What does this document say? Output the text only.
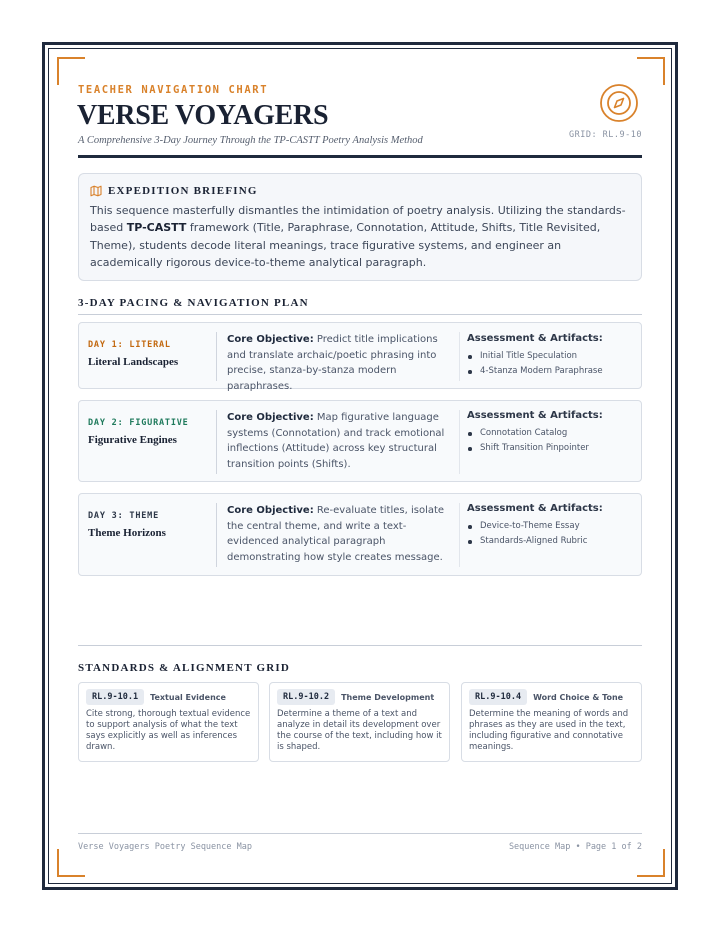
TEACHER NAVIGATION CHART
VERSE VOYAGERS
A Comprehensive 3-Day Journey Through the TP-CASTT Poetry Analysis Method	GRID: RL.9-10
EXPEDITION BRIEFING
This sequence masterfully dismantles the intimidation of poetry analysis. Utilizing the standards-based TP-CASTT framework (Title, Paraphrase, Connotation, Attitude, Shifts, Title Revisited, Theme), students decode literal meanings, trace figurative systems, and engineer an academically rigorous device-to-theme analytical paragraph.
3-DAY PACING & NAVIGATION PLAN
DAY 1: LITERAL
Literal Landscapes
Core Objective: Predict title implications and translate archaic/poetic phrasing into precise, stanza-by-stanza modern paraphrases.
Assessment & Artifacts:
Initial Title Speculation
4-Stanza Modern Paraphrase
DAY 2: FIGURATIVE
Figurative Engines
Core Objective: Map figurative language systems (Connotation) and track emotional inflections (Attitude) across key structural transition points (Shifts).
Assessment & Artifacts:
Connotation Catalog
Shift Transition Pinpointer
DAY 3: THEME
Theme Horizons
Core Objective: Re-evaluate titles, isolate the central theme, and write a text-evidenced analytical paragraph demonstrating how style creates message.
Assessment & Artifacts:
Device-to-Theme Essay
Standards-Aligned Rubric
STANDARDS & ALIGNMENT GRID
RL.9-10.1	Textual Evidence
Cite strong, thorough textual evidence to support analysis of what the text says explicitly as well as inferences drawn.
RL.9-10.2	Theme Development
Determine a theme of a text and analyze in detail its development over the course of the text, including how it is shaped.
RL.9-10.4	Word Choice & Tone
Determine the meaning of words and phrases as they are used in the text, including figurative and connotative meanings.
Verse Voyagers Poetry Sequence Map	Sequence Map • Page 1 of 2
